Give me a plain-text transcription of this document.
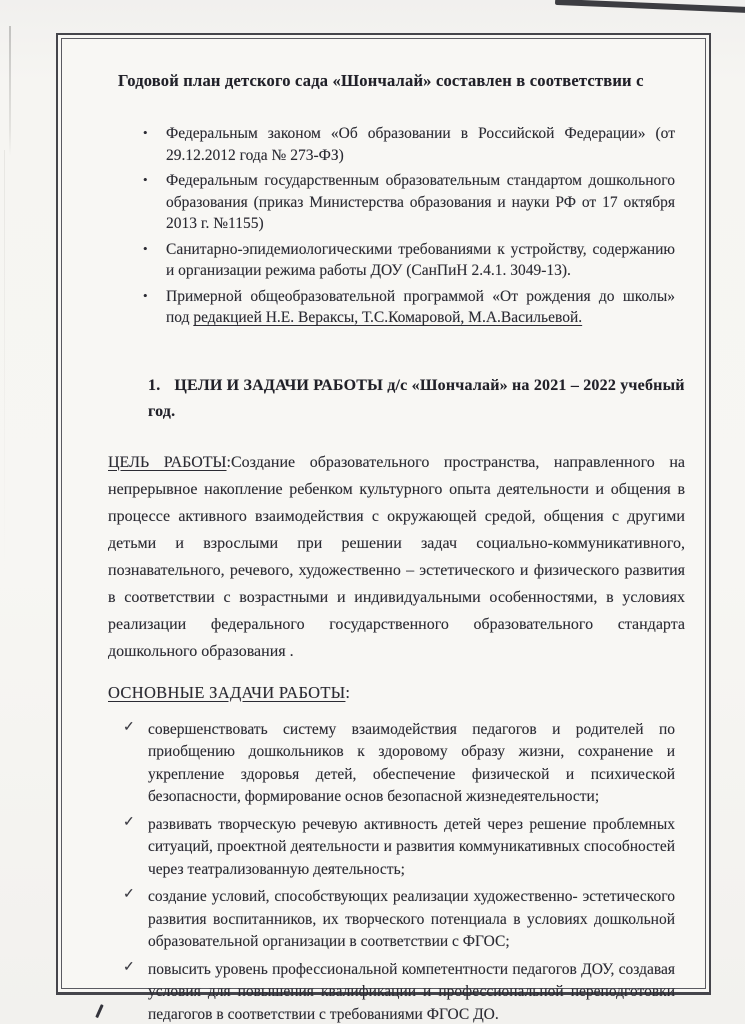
Годовой план детского сада «Шончалай» составлен в соответствии с
• Федеральным законом «Об образовании в Российской Федерации» (от 29.12.2012 года № 273-ФЗ)
• Федеральным государственным образовательным стандартом дошкольного образования (приказ Министерства образования и науки РФ от 17 октября 2013 г. №1155)
• Санитарно-эпидемиологическими требованиями к устройству, содержанию и организации режима работы ДОУ (СанПиН 2.4.1. 3049-13).
• Примерной общеобразовательной программой «От рождения до школы» под редакцией Н.Е. Вераксы, Т.С.Комаровой, М.А.Васильевой.
1. ЦЕЛИ И ЗАДАЧИ РАБОТЫ д/с «Шончалай» на 2021 – 2022 учебный год.
ЦЕЛЬ РАБОТЫ:Создание образовательного пространства, направленного на непрерывное накопление ребенком культурного опыта деятельности и общения в процессе активного взаимодействия с окружающей средой, общения с другими детьми и взрослыми при решении задач социально-коммуникативного, познавательного, речевого, художественно – эстетического и физического развития в соответствии с возрастными и индивидуальными особенностями, в условиях реализации федерального государственного образовательного стандарта дошкольного образования .
ОСНОВНЫЕ ЗАДАЧИ РАБОТЫ:
✓ совершенствовать систему взаимодействия педагогов и родителей по приобщению дошкольников к здоровому образу жизни, сохранение и укрепление здоровья детей, обеспечение физической и психической безопасности, формирование основ безопасной жизнедеятельности;
✓ развивать творческую речевую активность детей через решение проблемных ситуаций, проектной деятельности и развития коммуникативных способностей через театрализованную деятельность;
✓ создание условий, способствующих реализации художественно- эстетического развития воспитанников, их творческого потенциала в условиях дошкольной образовательной организации в соответствии с ФГОС;
✓ повысить уровень профессиональной компетентности педагогов ДОУ, создавая условия для повышения квалификации и профессиональной переподготовки педагогов в соответствии с требованиями ФГОС ДО.
